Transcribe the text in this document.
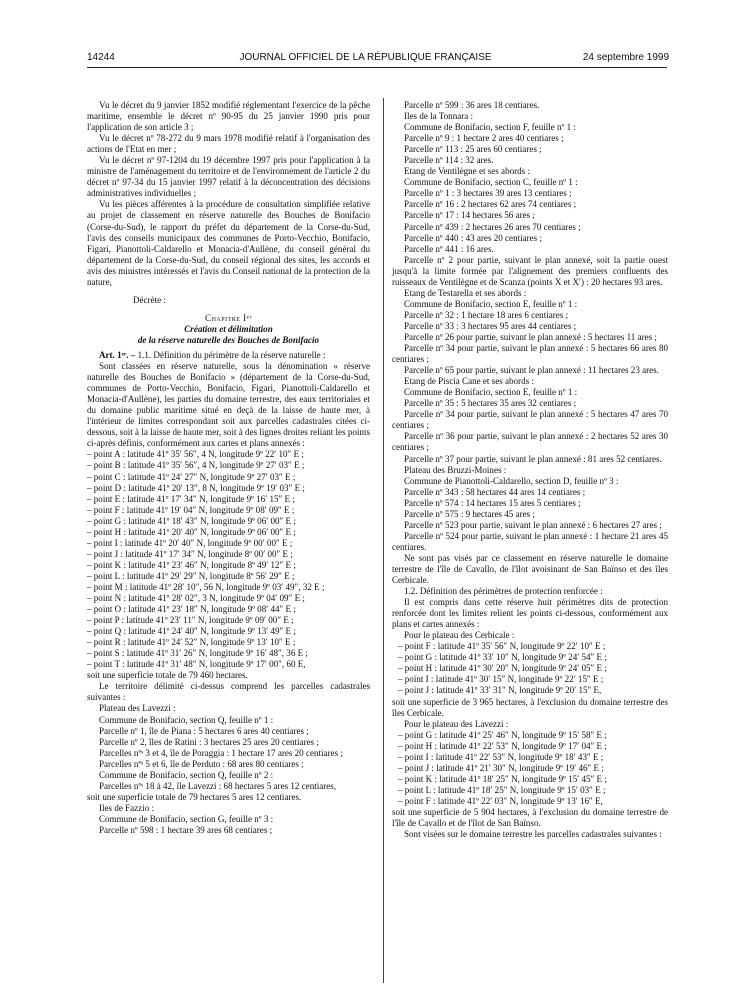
14244	JOURNAL OFFICIEL DE LA RÉPUBLIQUE FRANÇAISE	24 septembre 1999

Vu le décret du 9 janvier 1852 modifié réglementant l'exercice de la pêche maritime, ensemble le décret nº 90-95 du 25 janvier 1990 pris pour l'application de son article 3 ;

Vu le décret nº 78-272 du 9 mars 1978 modifié relatif à l'organisation des actions de l'Etat en mer ;

Vu le décret nº 97-1204 du 19 décembre 1997 pris pour l'application à la ministre de l'aménagement du territoire et de l'environnement de l'article 2 du décret nº 97-34 du 15 janvier 1997 relatif à la déconcentration des décisions administratives individuelles ;

Vu les pièces afférentes à la procédure de consultation simplifiée relative au projet de classement en réserve naturelle des Bouches de Bonifacio (Corse-du-Sud), le rapport du préfet du département de la Corse-du-Sud, l'avis des conseils municipaux des communes de Porto-Vecchio, Bonifacio, Figari, Pianottoli-Caldarello et Monacia-d'Aullène, du conseil général du département de la Corse-du-Sud, du conseil régional des sites, les accords et avis des ministres intéressés et l'avis du Conseil national de la protection de la nature,

Décrète :

Chapitre Iᵉʳ

Création et délimitation

de la réserve naturelle des Bouches de Bonifacio

Art. 1ᵉʳ. – 1.1. Définition du périmètre de la réserve naturelle :

Sont classées en réserve naturelle, sous la dénomination « réserve naturelle des Bouches de Bonifacio » (département de la Corse-du-Sud, communes de Porto-Vecchio, Bonifacio, Figari, Pianottoli-Caldarello et Monacia-d'Aullène), les parties du domaine terrestre, des eaux territoriales et du domaine public maritime situé en deçà de la laisse de haute mer, à l'intérieur de limites correspondant soit aux parcelles cadastrales citées ci-dessous, soit à la laisse de haute mer, soit à des lignes droites reliant les points ci-après définis, conformément aux cartes et plans annexés :

– point A : latitude 41º 35′ 56″, 4 N, longitude 9º 22′ 10″ E ;

– point B : latitude 41º 35′ 56″, 4 N, longitude 9º 27′ 03″ E ;

– point C : latitude 41º 24′ 27″ N, longitude 9º 27′ 03″ E ;

– point D : latitude 41º 20′ 13″, 8 N, longitude 9º 19′ 03″ E ;

– point E : latitude 41º 17′ 34″ N, longitude 9º 16′ 15″ E ;

– point F : latitude 41º 19′ 04″ N, longitude 9º 08′ 09″ E ;

– point G : latitude 41º 18′ 43″ N, longitude 9º 06′ 00″ E ;

– point H : latitude 41º 20′ 40″ N, longitude 9º 06′ 00″ E ;

– point I : latitude 41º 20′ 40″ N, longitude 9º 00′ 00″ E ;

– point J : latitude 41º 17′ 34″ N, longitude 8º 00′ 00″ E ;

– point K : latitude 41º 23′ 46″ N, longitude 8º 49′ 12″ E ;

– point L : latitude 41º 29′ 29″ N, longitude 8º 56′ 29″ E ;

– point M : latitude 41º 28′ 10″, 56 N, longitude 9º 03′ 49″, 32 E ;

– point N : latitude 41º 28′ 02″, 3 N, longitude 9º 04′ 09″ E ;

– point O : latitude 41º 23′ 18″ N, longitude 9º 08′ 44″ E ;

– point P : latitude 41º 23′ 11″ N, longitude 9º 09′ 00″ E ;

– point Q : latitude 41º 24′ 40″ N, longitude 9º 13′ 49″ E ;

– point R : latitude 41º 24′ 52″ N, longitude 9º 13′ 10″ E ;

– point S : latitude 41º 31′ 26″ N, longitude 9º 16′ 48″, 36 E ;

– point T : latitude 41º 31′ 48″ N, longitude 9º 17′ 00″, 60 E,

soit une superficie totale de 79 460 hectares.

Le territoire délimité ci-dessus comprend les parcelles cadastrales suivantes :

Plateau des Lavezzi :

Commune de Bonifacio, section Q, feuille nº 1 :

Parcelle nº 1, île de Piana : 5 hectares 6 ares 40 centiares ;

Parcelle nº 2, îles de Ratini : 3 hectares 25 ares 20 centiares ;

Parcelles nºˢ 3 et 4, île de Poraggia : 1 hectare 17 ares 20 centiares ;

Parcelles nºˢ 5 et 6, île de Perduto : 68 ares 80 centiares ;

Commune de Bonifacio, section Q, feuille nº 2 :

Parcelles nºˢ 18 à 42, île Lavezzi : 68 hectares 5 ares 12 centiares,

soit une superficie totale de 79 hectares 5 ares 12 centiares.

Iles de Fazzio :

Commune de Bonifacio, section G, feuille nº 3 :

Parcelle nº 598 : 1 hectare 39 ares 68 centiares ;

Parcelle nº 599 : 36 ares 18 centiares.

Iles de la Tonnara :

Commune de Bonifacio, section F, feuille nº 1 :

Parcelle nº 9 : 1 hectare 2 ares 40 centiares ;

Parcelle nº 113 : 25 ares 60 centiares ;

Parcelle nº 114 : 32 ares.

Etang de Ventilègne et ses abords :

Commune de Bonifacio, section C, feuille nº 1 :

Parcelle nº 1 : 3 hectares 39 ares 13 centiares ;

Parcelle nº 16 : 2 hectares 62 ares 74 centiares ;

Parcelle nº 17 : 14 hectares 56 ares ;

Parcelle nº 439 : 2 hectares 26 ares 70 centiares ;

Parcelle nº 440 : 43 ares 20 centiares ;

Parcelle nº 441 : 16 ares.

Parcelle nº 2 pour partie, suivant le plan annexé, soit la partie ouest jusqu'à la limite formée par l'alignement des premiers confluents des ruisseaux de Ventilègne et de Scanza (points X et X′) : 20 hectares 93 ares.

Etang de Testarella et ses abords :

Commune de Bonifacio, section E, feuille nº 1 :

Parcelle nº 32 : 1 hectare 18 ares 6 centiares ;

Parcelle nº 33 : 3 hectares 95 ares 44 centiares ;

Parcelle nº 26 pour partie, suivant le plan annexé : 5 hectares 11 ares ;

Parcelle nº 34 pour partie, suivant le plan annexé : 5 hectares 66 ares 80 centiares ;

Parcelle nº 65 pour partie, suivant le plan annexé : 11 hectares 23 ares.

Etang de Piscia Cane et ses abords :

Commune de Bonifacio, section E, feuille nº 1 :

Parcelle nº 35 : 5 hectares 35 ares 32 centiares ;

Parcelle nº 34 pour partie, suivant le plan annexé : 5 hectares 47 ares 70 centiares ;

Parcelle nº 36 pour partie, suivant le plan annexé : 2 hectares 52 ares 30 centiares ;

Parcelle nº 37 pour partie, suivant le plan annexé : 81 ares 52 centiares.

Plateau des Bruzzi-Moines :

Commune de Pianottoli-Caldarello, section D, feuille nº 3 :

Parcelle nº 343 : 58 hectares 44 ares 14 centiares ;

Parcelle nº 574 : 14 hectares 15 ares 5 centiares ;

Parcelle nº 575 : 9 hectares 45 ares ;

Parcelle nº 523 pour partie, suivant le plan annexé : 6 hectares 27 ares ;

Parcelle nº 524 pour partie, suivant le plan annexé : 1 hectare 21 ares 45 centiares.

Ne sont pas visés par ce classement en réserve naturelle le domaine terrestre de l'île de Cavallo, de l'îlot avoisinant de San Baïnso et des îles Cerbicale.

1.2. Définition des périmètres de protection renforcée :

Il est compris dans cette réserve huit périmètres dits de protection renforcée dont les limites relient les points ci-dessous, conformément aux plans et cartes annexés :

Pour le plateau des Cerbicale :

– point F : latitude 41º 35′ 56″ N, longitude 9º 22′ 10″ E ;

– point G : latitude 41º 33′ 10″ N, longitude 9º 24′ 54″ E ;

– point H : latitude 41º 30′ 20″ N, longitude 9º 24′ 05″ E ;

– point I : latitude 41º 30′ 15″ N, longitude 9º 22′ 15″ E ;

– point J : latitude 41º 33′ 31″ N, longitude 9º 20′ 15″ E,

soit une superficie de 3 965 hectares, à l'exclusion du domaine terrestre des îles Cerbicale.

Pour le plateau des Lavezzi :

– point G : latitude 41º 25′ 46″ N, longitude 9º 15′ 58″ E ;

– point H : latitude 41º 22′ 53″ N, longitude 9º 17′ 04″ E ;

– point I : latitude 41º 22′ 53″ N, longitude 9º 18′ 43″ E ;

– point J : latitude 41º 21′ 30″ N, longitude 9º 19′ 46″ E ;

– point K : latitude 41º 18′ 25″ N, longitude 9º 15′ 45″ E ;

– point L : latitude 41º 18′ 25″ N, longitude 9º 15′ 03″ E ;

– point F : latitude 41º 22′ 03″ N, longitude 9º 13′ 16″ E,

soit une superficie de 5 904 hectares, à l'exclusion du domaine terrestre de l'île de Cavallo et de l'îlot de San Baïnso.

Sont visées sur le domaine terrestre les parcelles cadastrales suivantes :
